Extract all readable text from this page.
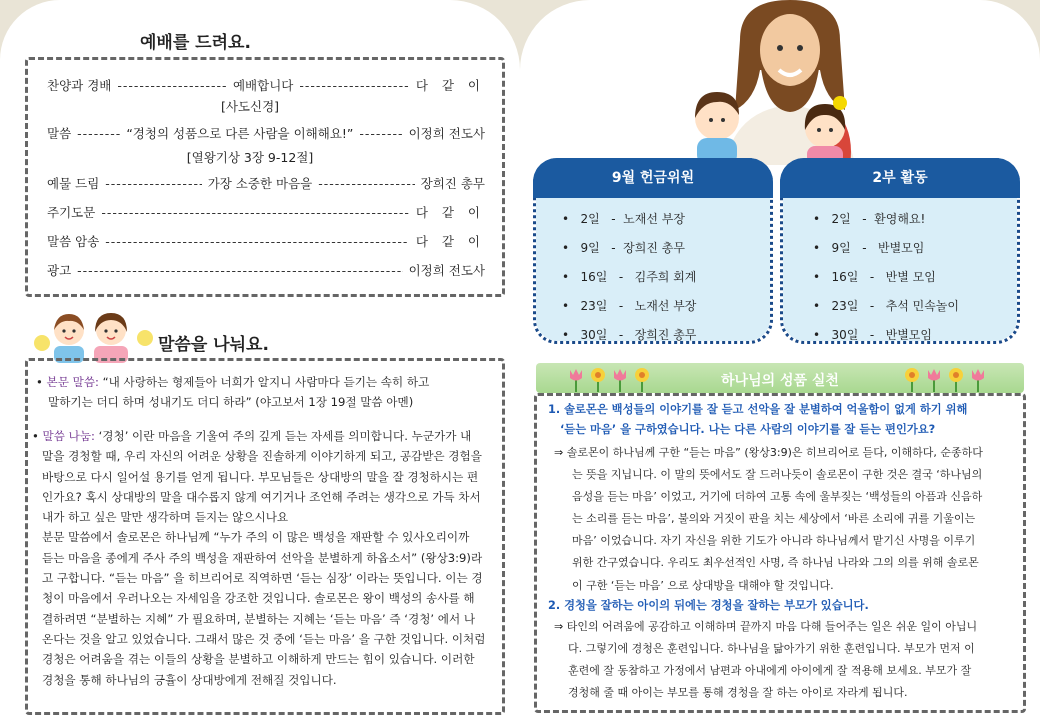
예배를 드려요.
찬양과 경배 -----	예배합니다 -----	다 같 이
[사도신경]
말씀 -----	“경청의 성품으로 다른 사람을 이해해요!” -----	이정희 전도사
[열왕기상 3장 9-12절]
예물 드림 -----	가장 소중한 마음을 -----	장희진 총무
주기도문 -----	다 같 이
말씀 암송 -----	다 같 이
광고 -----	이정희 전도사
말씀을 나눠요.
• 본문 말씀: “내 사랑하는 형제들아 너희가 알지니 사람마다 듣기는 속히 하고
말하기는 더디 하며 성내기도 더디 하라” (야고보서 1장 19절 말씀 아멘)
• 말씀 나눔: ‘경청’ 이란 마음을 기울여 주의 깊게 듣는 자세를 의미합니다. 누군가가 내
말을 경청할 때, 우리 자신의 어려운 상황을 진솔하게 이야기하게 되고, 공감받은 경험을
바탕으로 다시 일어설 용기를 얻게 됩니다. 부모님들은 상대방의 말을 잘 경청하시는 편
인가요? 혹시 상대방의 말을 대수롭지 않게 여기거나 조언해 주려는 생각으로 가득 차서
내가 하고 싶은 말만 생각하며 듣지는 않으시나요
분문 말씀에서 솔로몬은 하나님께 “누가 주의 이 많은 백성을 재판할 수 있사오리이까
듣는 마음을 종에게 주사 주의 백성을 재판하여 선악을 분별하게 하옵소서” (왕상3:9)라
고 구합니다. “듣는 마음” 을 히브리어로 직역하면 ‘듣는 심장’ 이라는 뜻입니다. 이는 경
청이 마음에서 우러나오는 자세임을 강조한 것입니다. 솔로몬은 왕이 백성의 송사를 해
결하려면 “분별하는 지혜” 가 필요하며, 분별하는 지혜는 ‘듣는 마음’ 즉 ‘경청’ 에서 나
온다는 것을 알고 있었습니다. 그래서 많은 것 중에 ‘듣는 마음’ 을 구한 것입니다. 이처럼
경청은 어려움을 겪는 이들의 상황을 분별하고 이해하게 만드는 힘이 있습니다. 이러한
경청을 통해 하나님의 긍휼이 상대방에게 전해질 것입니다.
9월 헌금위원
•   2일   -  노재선 부장
•   9일   -  장희진 총무
•   16일   -   김주희 회계
•   23일   -   노재선 부장
•   30일   -   장희진 총무
2부 활동
•   2일   -  환영해요!
•   9일   -   반별모임
•   16일   -   반별 모임
•   23일   -   추석 민속놀이
•   30일   -   반별모임
하나님의 성품 실천
1. 솔로몬은 백성들의 이야기를 잘 듣고 선악을 잘 분별하여 억울함이 없게 하기 위해
‘듣는 마음’ 을 구하였습니다. 나는 다른 사람의 이야기를 잘 듣는 편인가요?
⇒ 솔로몬이 하나님께 구한 “듣는 마음” (왕상3:9)은 히브리어로 듣다, 이해하다, 순종하다
는 뜻을 지닙니다. 이 말의 뜻에서도 잘 드러나듯이 솔로몬이 구한 것은 결국 ‘하나님의
음성을 듣는 마음’ 이었고, 거기에 더하여 고통 속에 울부짖는 ‘백성들의 아픔과 신음하
는 소리를 듣는 마음’, 불의와 거짓이 판을 치는 세상에서 ‘바른 소리에 귀를 기울이는
마음’ 이었습니다. 자기 자신을 위한 기도가 아니라 하나님께서 맡기신 사명을 이루기
위한 간구였습니다. 우리도 최우선적인 사명, 즉 하나님 나라와 그의 의를 위해 솔로몬
이 구한 ‘듣는 마음’ 으로 상대방을 대해야 할 것입니다.
2. 경청을 잘하는 아이의 뒤에는 경청을 잘하는 부모가 있습니다.
⇒ 타인의 어려움에 공감하고 이해하며 끝까지 마음 다해 들어주는 일은 쉬운 일이 아닙니
다. 그렇기에 경청은 훈련입니다. 하나님을 닮아가기 위한 훈련입니다. 부모가 먼저 이
훈련에 잘 동참하고 가정에서 남편과 아내에게 아이에게 잘 적용해 보세요. 부모가 잘
경청해 줄 때 아이는 부모를 통해 경청을 잘 하는 아이로 자라게 됩니다.
